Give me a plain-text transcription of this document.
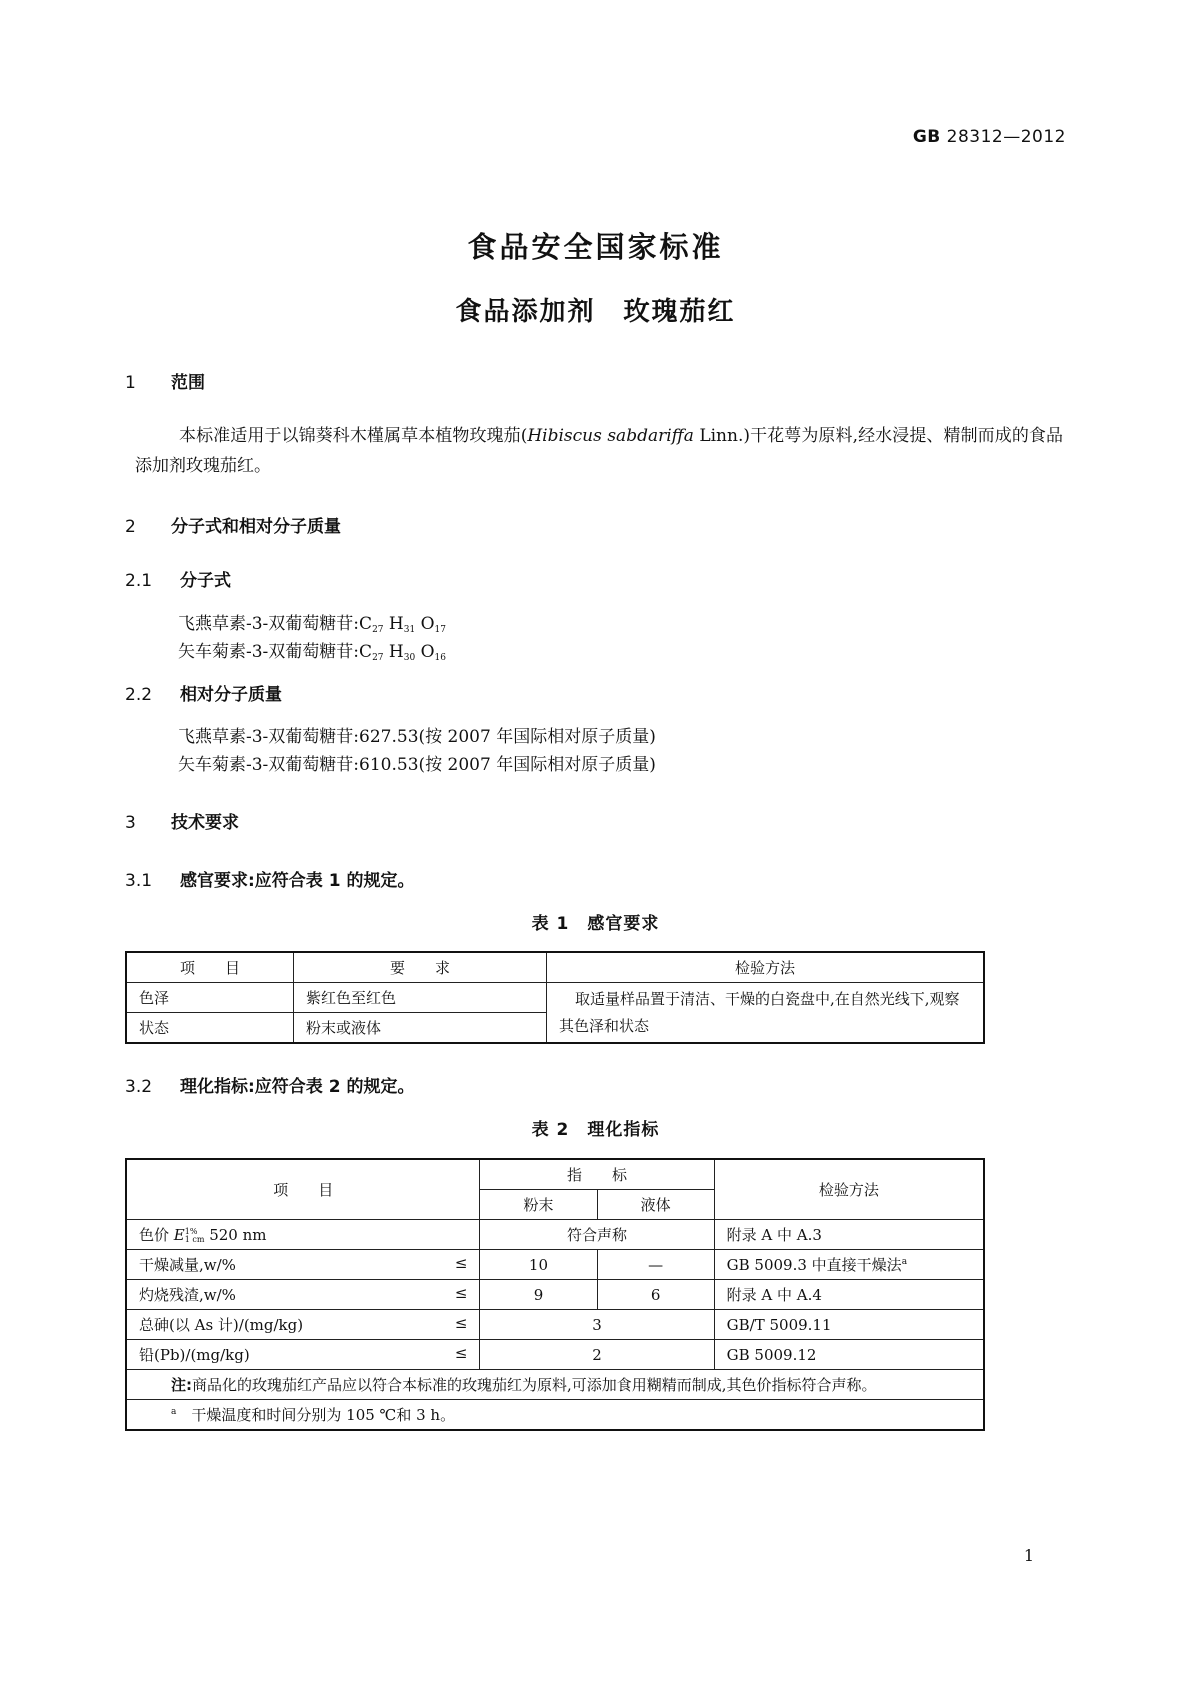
GB 28312—2012
食品安全国家标准
食品添加剂　玫瑰茄红
1 范围
本标准适用于以锦葵科木槿属草本植物玫瑰茄(Hibiscus sabdariffa Linn.)干花萼为原料,经水浸提、精制而成的食品添加剂玫瑰茄红。
2 分子式和相对分子质量
2.1 分子式
飞燕草素-3-双葡萄糖苷$:C_{27}$ $H_{31}$ $O_{17}$
矢车菊素-3-双葡萄糖苷$:C_{27}$ $H_{30}$ $O_{16}$
2.2 相对分子质量
飞燕草素-3-双葡萄糖苷:627.53(按 2007 年国际相对原子质量)
矢车菊素-3-双葡萄糖苷:610.53(按 2007 年国际相对原子质量)
3 技术要求
3.1 感官要求:应符合表 1 的规定。
表 1　感官要求
项　　目	要　　求	检验方法
色泽	紫红色至红色	取适量样品置于清洁、干燥的白瓷盘中,在自然光线下,观察其色泽和状态
状态	粉末或液体	
3.2 理化指标:应符合表 2 的规定。
表 2　理化指标
项　　目	指　　标		检验方法
	粉末	液体	
色价 E1%
1 cm 520 nm	符合声称		附录 A 中 A.3
干燥减量,w/% ≤	10	—	GB 5009.3 中直接干燥法$^a$
灼烧残渣,w/% ≤	9	6	附录 A 中 A.4
总砷(以 As 计)/(mg/kg) ≤	3		GB/T 5009.11
铅(Pb)/(mg/kg) ≤	2		GB 5009.12
注:商品化的玫瑰茄红产品应以符合本标准的玫瑰茄红为原料,可添加食用糊精而制成,其色价指标符合声称。			
$^a$　 干燥温度和时间分别为 105 ℃和 3 h。			
1
